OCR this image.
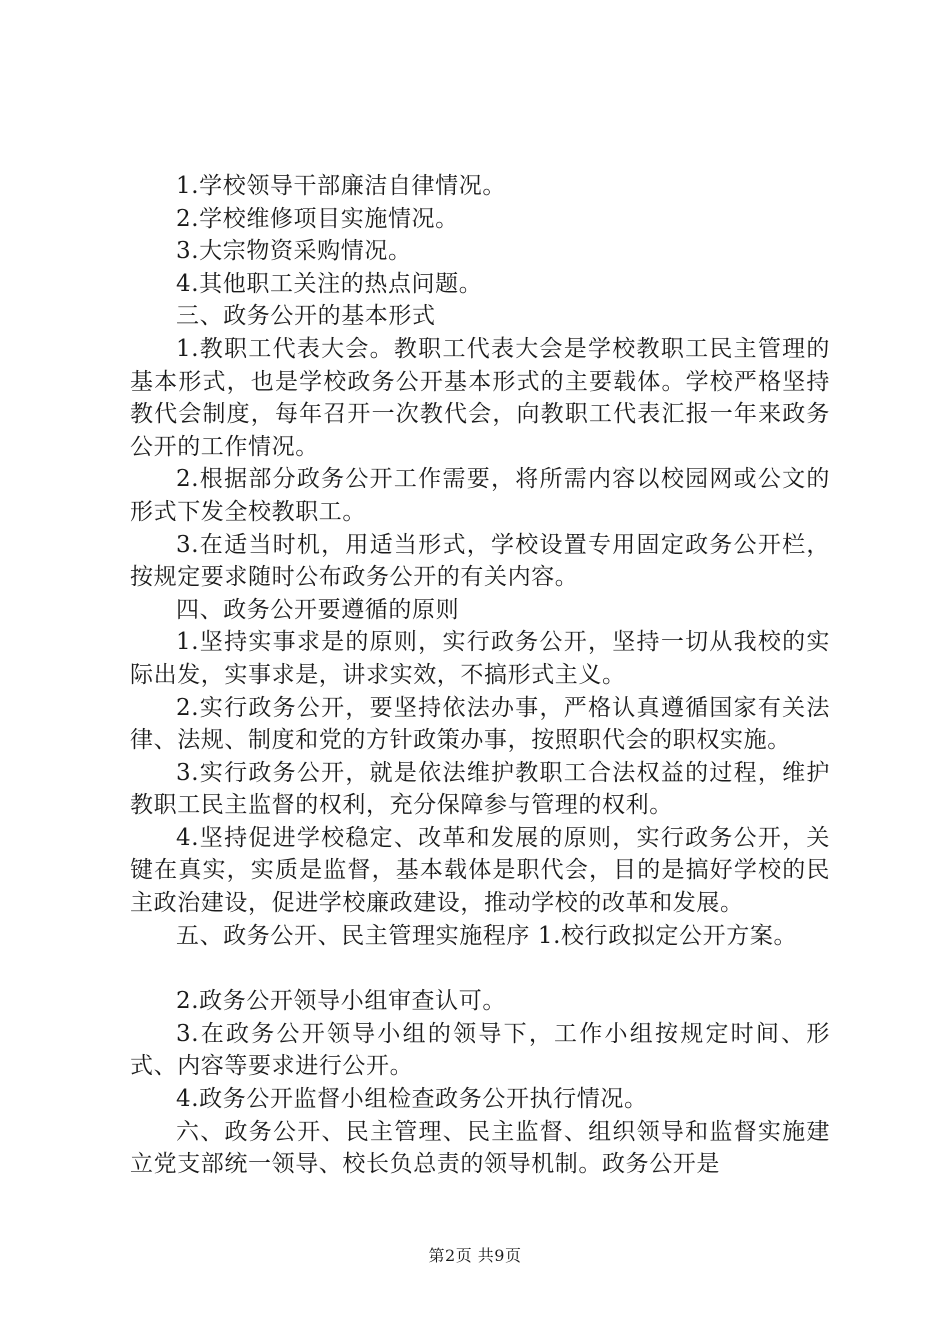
1.学校领导干部廉洁自律情况。

2.学校维修项目实施情况。

3.大宗物资采购情况。

4.其他职工关注的热点问题。

三、政务公开的基本形式

1.教职工代表大会。教职工代表大会是学校教职工民主管理的基本形式，也是学校政务公开基本形式的主要载体。学校严格坚持教代会制度，每年召开一次教代会，向教职工代表汇报一年来政务公开的工作情况。

2.根据部分政务公开工作需要，将所需内容以校园网或公文的形式下发全校教职工。

3.在适当时机，用适当形式，学校设置专用固定政务公开栏，按规定要求随时公布政务公开的有关内容。

四、政务公开要遵循的原则

1.坚持实事求是的原则，实行政务公开，坚持一切从我校的实际出发，实事求是，讲求实效，不搞形式主义。

2.实行政务公开，要坚持依法办事，严格认真遵循国家有关法律、法规、制度和党的方针政策办事，按照职代会的职权实施。

3.实行政务公开，就是依法维护教职工合法权益的过程，维护教职工民主监督的权利，充分保障参与管理的权利。

4.坚持促进学校稳定、改革和发展的原则，实行政务公开，关键在真实，实质是监督，基本载体是职代会，目的是搞好学校的民主政治建设，促进学校廉政建设，推动学校的改革和发展。

五、政务公开、民主管理实施程序 1.校行政拟定公开方案。

2.政务公开领导小组审查认可。

3.在政务公开领导小组的领导下，工作小组按规定时间、形式、内容等要求进行公开。

4.政务公开监督小组检查政务公开执行情况。

六、政务公开、民主管理、民主监督、组织领导和监督实施建立党支部统一领导、校长负总责的领导机制。政务公开是

第2页 共9页
